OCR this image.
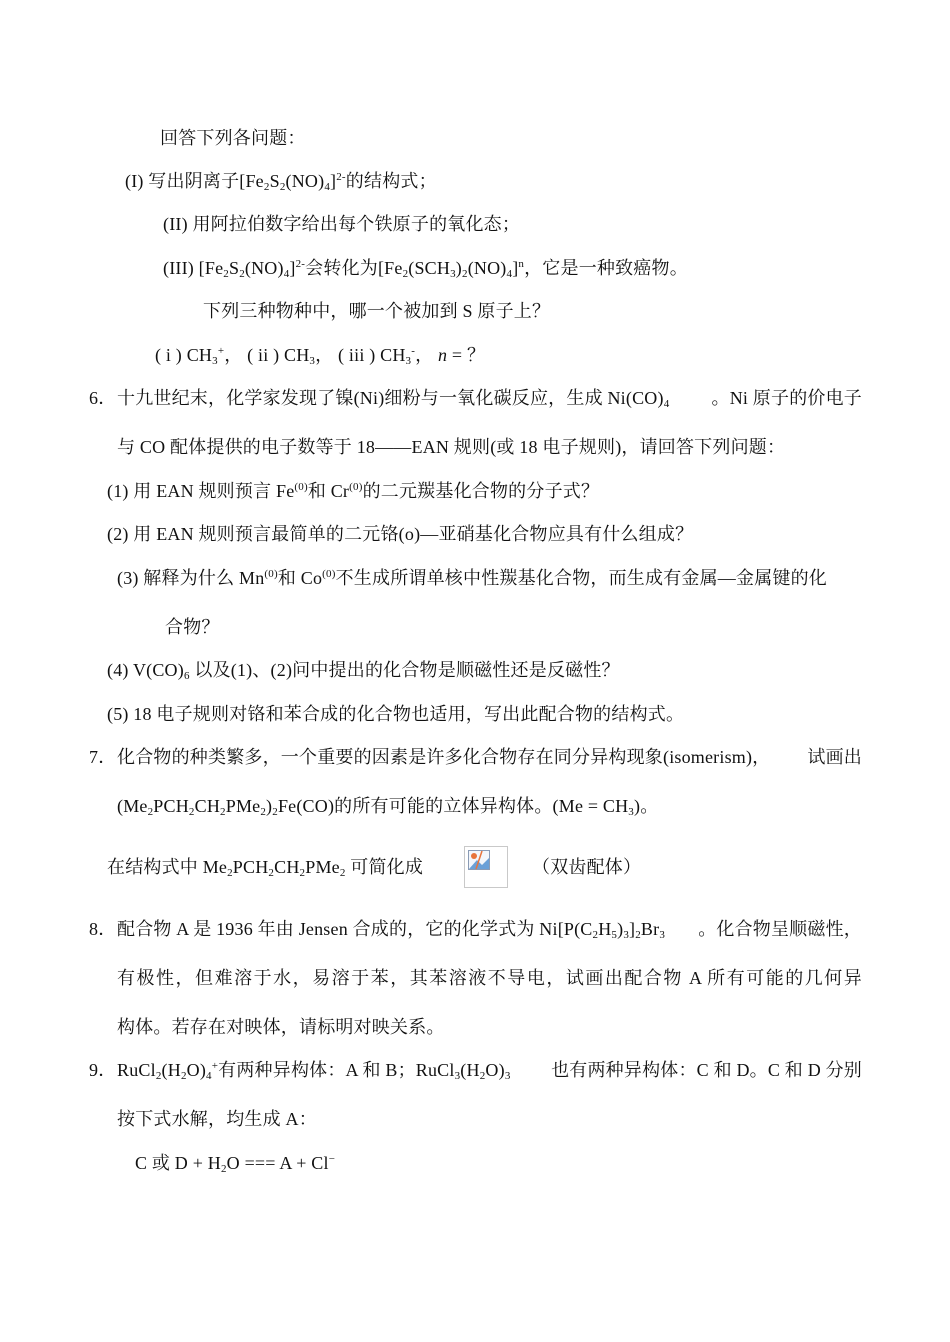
回答下列各问题：
(I) 写出阴离子$[Fe_2S_2(NO)_4]^{2-}$的结构式；
(II) 用阿拉伯数字给出每个铁原子的氧化态；
(III) $[Fe_2S_2(NO)_4]^{2-}$会转化为$[Fe_2(SCH_3)_2(NO)_4]^n$，它是一种致癌物。
下列三种物种中，哪一个被加到 S 原子上？
( i ) $CH_3^+$， ( ii ) $CH_3$， ( iii ) $CH_3^-$， n = ？
6．十九世纪末，化学家发现了镍(Ni)细粉与一氧化碳反应，生成 $Ni(CO)_4$ 。Ni 原子的价电子
与 CO 配体提供的电子数等于 18——EAN 规则(或 18 电子规则)，请回答下列问题：
(1) 用 EAN 规则预言 Fe$^{(0)}$和 Cr$^{(0)}$的二元羰基化合物的分子式？
(2) 用 EAN 规则预言最简单的二元铬(o)—亚硝基化合物应具有什么组成？
(3) 解释为什么 Mn$^{(0)}$和 Co$^{(0)}$不生成所谓单核中性羰基化合物，而生成有金属—金属键的化
合物？
(4) $V(CO)_6$ 以及(1)、(2)问中提出的化合物是顺磁性还是反磁性？
(5) 18 电子规则对铬和苯合成的化合物也适用，写出此配合物的结构式。
7．化合物的种类繁多，一个重要的因素是许多化合物存在同分异构现象(isomerism)， 试画出
$(Me_2PCH_2CH_2PMe_2)_2Fe(CO)$的所有可能的立体异构体。$(Me = CH_3)$。
在结构式中 $Me_2PCH_2CH_2PMe_2$ 可简化成	（双齿配体）
8．配合物 A 是 1936 年由 Jensen 合成的，它的化学式为 $Ni[P(C_2H_5)_3]_2Br_3$ 。化合物呈顺磁性，
有极性，但难溶于水，易溶于苯，其苯溶液不导电，试画出配合物 A 所有可能的几何异
构体。若存在对映体，请标明对映关系。
9．$RuCl_2(H_2O)_4^+$有两种异构体：A 和 B；$RuCl_3(H_2O)_3$ 也有两种异构体：C 和 D。C 和 D 分别
按下式水解，均生成 A：
C 或 $D + H_2O$ === A + Cl−
